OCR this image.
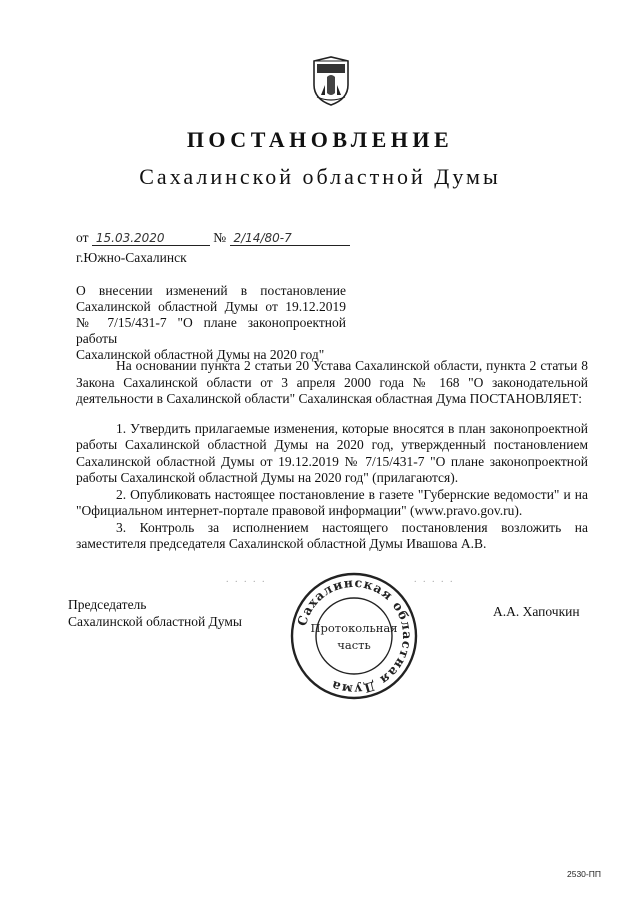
ПОСТАНОВЛЕНИЕ
Сахалинской областной Думы
от 15.03.2020	№ 2/14/80-7
г.Южно-Сахалинск
О внесении изменений в постановление
Сахалинской областной Думы от 19.12.2019
№ 7/15/431-7 "О плане законопроектной работы
Сахалинской областной Думы на 2020 год"

На основании пункта 2 статьи 20 Устава Сахалинской области, пункта 2 статьи 8 Закона Сахалинской области от 3 апреля 2000 года № 168 "О законодательной деятельности в Сахалинской области" Сахалинская областная Дума ПОСТАНОВЛЯЕТ:

1. Утвердить прилагаемые изменения, которые вносятся в план законопроектной работы Сахалинской областной Думы на 2020 год, утвержденный постановлением Сахалинской областной Думы от 19.12.2019 № 7/15/431-7 "О плане законопроектной работы Сахалинской областной Думы на 2020 год" (прилагаются).

2. Опубликовать настоящее постановление в газете "Губернские ведомости" и на "Официальном интернет-портале правовой информации" (www.pravo.gov.ru).

3. Контроль за исполнением настоящего постановления возложить на заместителя председателя Сахалинской областной Думы Ивашова А.В.

. . . . .	. . . . .
Председатель
Сахалинской областной Думы	Сахалинская областная Дума
Протокольная
часть
А.А. Хапочкин
2530-ПП
